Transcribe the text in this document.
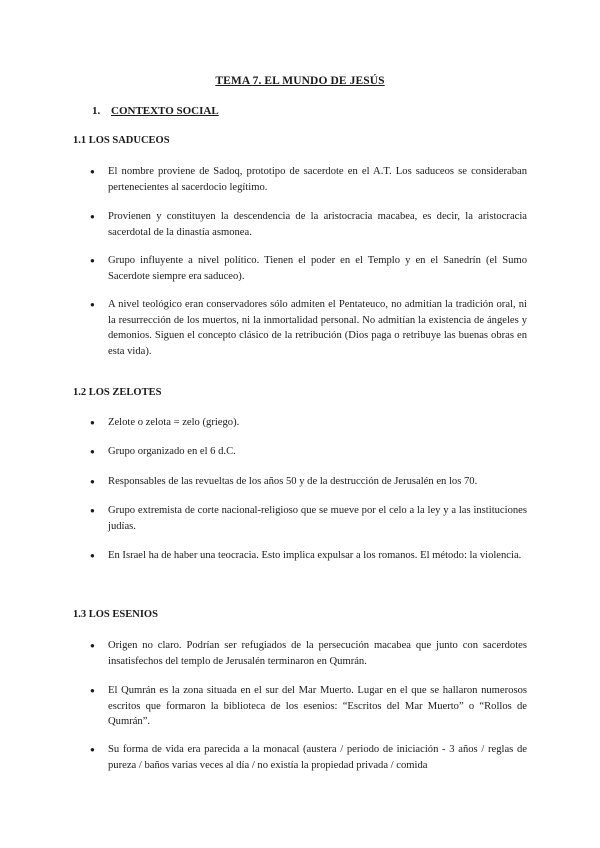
TEMA 7. EL MUNDO DE JESÚS
1. CONTEXTO SOCIAL
1.1 LOS SADUCEOS
● El nombre proviene de Sadoq, prototipo de sacerdote en el A.T. Los saduceos se consideraban pertenecientes al sacerdocio legítimo.
● Provienen y constituyen la descendencia de la aristocracia macabea, es decir, la aristocracia sacerdotal de la dinastía asmonea.
● Grupo influyente a nivel político. Tienen el poder en el Templo y en el Sanedrín (el Sumo Sacerdote siempre era saduceo).
● A nivel teológico eran conservadores sólo admiten el Pentateuco, no admitían la tradición oral, ni la resurrección de los muertos, ni la inmortalidad personal. No admitían la existencia de ángeles y demonios. Siguen el concepto clásico de la retribución (Dios paga o retribuye las buenas obras en esta vida).
1.2 LOS ZELOTES
● Zelote o zelota = zelo (griego).
● Grupo organizado en el 6 d.C.
● Responsables de las revueltas de los años 50 y de la destrucción de Jerusalén en los 70.
● Grupo extremista de corte nacional-religioso que se mueve por el celo a la ley y a las instituciones judías.
● En Israel ha de haber una teocracia. Esto implica expulsar a los romanos. El método: la violencia.
1.3 LOS ESENIOS
● Origen no claro. Podrían ser refugiados de la persecución macabea que junto con sacerdotes insatisfechos del templo de Jerusalén terminaron en Qumrán.
● El Qumrán es la zona situada en el sur del Mar Muerto. Lugar en el que se hallaron numerosos escritos que formaron la biblioteca de los esenios: “Escritos del Mar Muerto” o “Rollos de Qumrán”.
● Su forma de vida era parecida a la monacal (austera / periodo de iniciación - 3 años / reglas de pureza / baños varias veces al día / no existía la propiedad privada / comida
